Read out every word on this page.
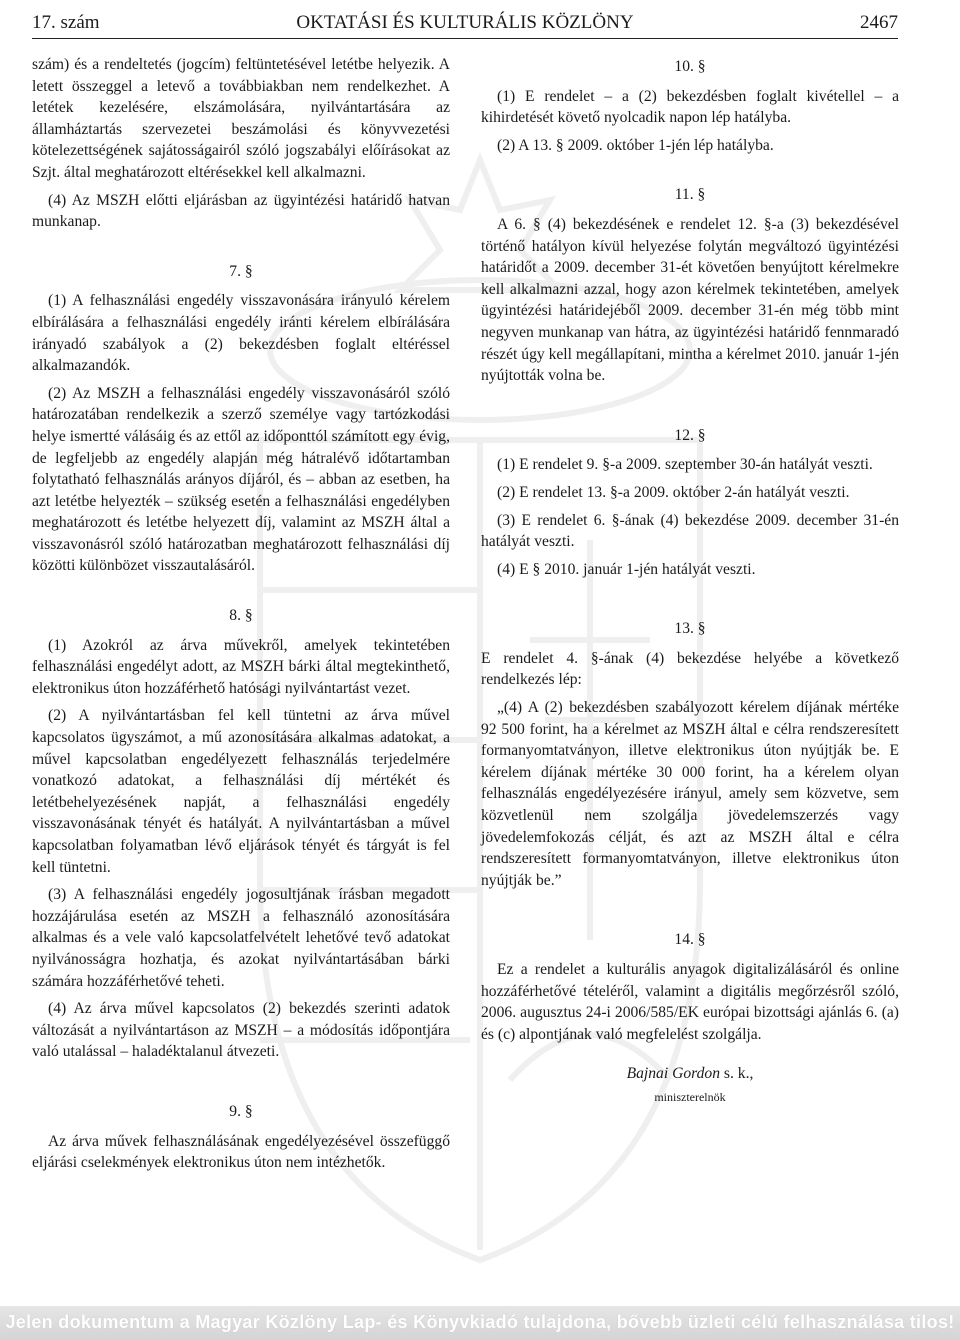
17. szám	OKTATÁSI ÉS KULTURÁLIS KÖZLÖNY	2467

szám) és a rendeltetés (jogcím) feltüntetésével letétbe helyezik. A letett összeggel a letevő a továbbiakban nem rendelkezhet. A letétek kezelésére, elszámolására, nyilvántartására az államháztartás szervezetei beszámolási és könyvvezetési kötelezettségének sajátosságairól szóló jogszabályi előírásokat az Szjt. által meghatározott eltérésekkel kell alkalmazni.

(4) Az MSZH előtti eljárásban az ügyintézési határidő hatvan munkanap.

7. §

(1) A felhasználási engedély visszavonására irányuló kérelem elbírálására a felhasználási engedély iránti kérelem elbírálására irányadó szabályok a (2) bekezdésben foglalt eltéréssel alkalmazandók.

(2) Az MSZH a felhasználási engedély visszavonásáról szóló határozatában rendelkezik a szerző személye vagy tartózkodási helye ismertté válásáig és az ettől az időponttól számított egy évig, de legfeljebb az engedély alapján még hátralévő időtartamban folytatható felhasználás arányos díjáról, és – abban az esetben, ha azt letétbe helyezték – szükség esetén a felhasználási engedélyben meghatározott és letétbe helyezett díj, valamint az MSZH által a visszavonásról szóló határozatban meghatározott felhasználási díj közötti különbözet visszautalásáról.

8. §

(1) Azokról az árva művekről, amelyek tekintetében felhasználási engedélyt adott, az MSZH bárki által megtekinthető, elektronikus úton hozzáférhető hatósági nyilvántartást vezet.

(2) A nyilvántartásban fel kell tüntetni az árva művel kapcsolatos ügyszámot, a mű azonosítására alkalmas adatokat, a művel kapcsolatban engedélyezett felhasználás terjedelmére vonatkozó adatokat, a felhasználási díj mértékét és letétbehelyezésének napját, a felhasználási engedély visszavonásának tényét és hatályát. A nyilvántartásban a művel kapcsolatban folyamatban lévő eljárások tényét és tárgyát is fel kell tüntetni.

(3) A felhasználási engedély jogosultjának írásban megadott hozzájárulása esetén az MSZH a felhasználó azonosítására alkalmas és a vele való kapcsolatfelvételt lehetővé tevő adatokat nyilvánosságra hozhatja, és azokat nyilvántartásában bárki számára hozzáférhetővé teheti.

(4) Az árva művel kapcsolatos (2) bekezdés szerinti adatok változását a nyilvántartáson az MSZH – a módosítás időpontjára való utalással – haladéktalanul átvezeti.

9. §

Az árva művek felhasználásának engedélyezésével összefüggő eljárási cselekmények elektronikus úton nem intézhetők.

10. §

(1) E rendelet – a (2) bekezdésben foglalt kivétellel – a kihirdetését követő nyolcadik napon lép hatályba.

(2) A 13. § 2009. október 1-jén lép hatályba.

11. §

A 6. § (4) bekezdésének e rendelet 12. §-a (3) bekezdésével történő hatályon kívül helyezése folytán megváltozó ügyintézési határidőt a 2009. december 31-ét követően benyújtott kérelmekre kell alkalmazni azzal, hogy azon kérelmek tekintetében, amelyek ügyintézési határidejéből 2009. december 31-én még több mint negyven munkanap van hátra, az ügyintézési határidő fennmaradó részét úgy kell megállapítani, mintha a kérelmet 2010. január 1-jén nyújtották volna be.

12. §

(1) E rendelet 9. §-a 2009. szeptember 30-án hatályát veszti.

(2) E rendelet 13. §-a 2009. október 2-án hatályát veszti.

(3) E rendelet 6. §-ának (4) bekezdése 2009. december 31-én hatályát veszti.

(4) E § 2010. január 1-jén hatályát veszti.

13. §

E rendelet 4. §-ának (4) bekezdése helyébe a következő rendelkezés lép:

„(4) A (2) bekezdésben szabályozott kérelem díjának mértéke 92 500 forint, ha a kérelmet az MSZH által e célra rendszeresített formanyomtatványon, illetve elektronikus úton nyújtják be. E kérelem díjának mértéke 30 000 forint, ha a kérelem olyan felhasználás engedélyezésére irányul, amely sem közvetve, sem közvetlenül nem szolgálja jövedelemszerzés vagy jövedelemfokozás célját, és azt az MSZH által e célra rendszeresített formanyomtatványon, illetve elektronikus úton nyújtják be.”

14. §

Ez a rendelet a kulturális anyagok digitalizálásáról és online hozzáférhetővé tételéről, valamint a digitális megőrzésről szóló, 2006. augusztus 24-i 2006/585/EK európai bizottsági ajánlás 6. (a) és (c) alpontjának való megfelelést szolgálja.

Bajnai Gordon s. k.,
miniszterelnök
Jelen dokumentum a Magyar Közlöny Lap- és Könyvkiadó tulajdona, bővebb üzleti célú felhasználása tilos!
